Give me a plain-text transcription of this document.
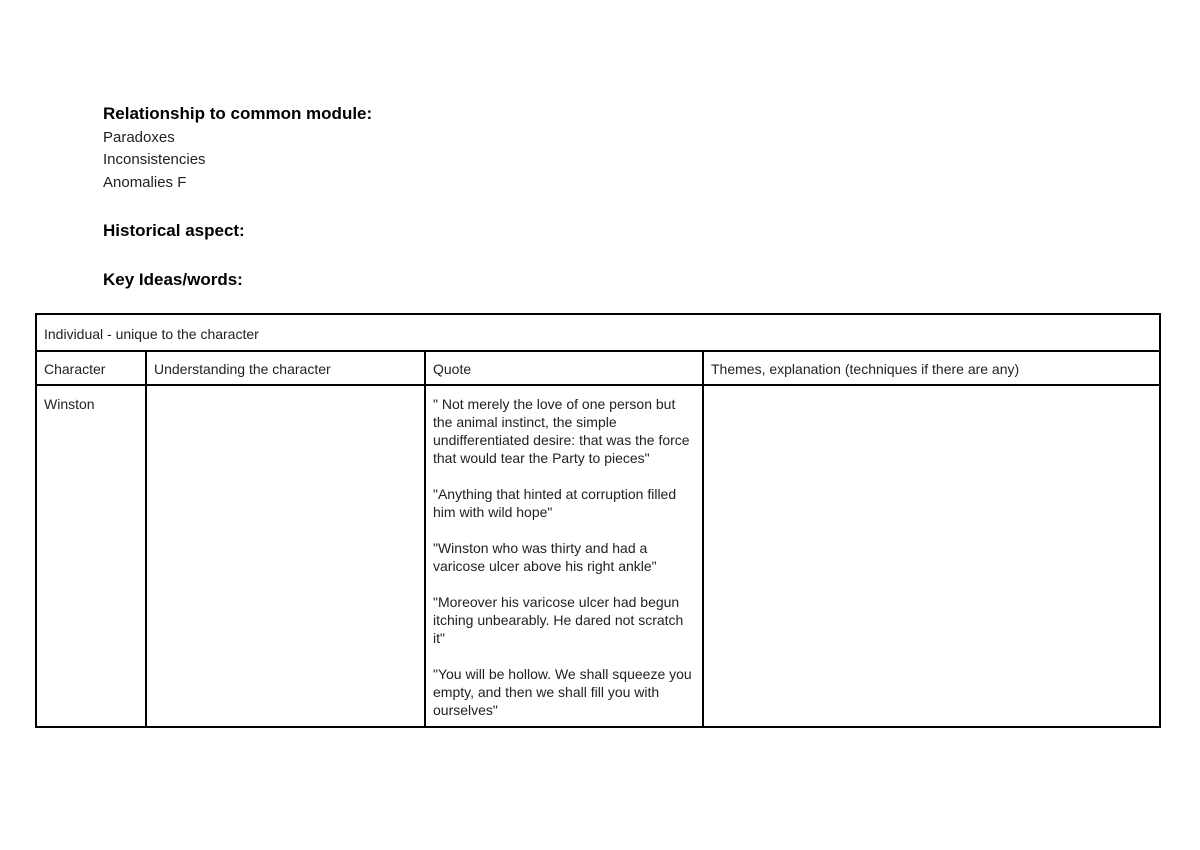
Relationship to common module:
Paradoxes
Inconsistencies
Anomalies F
Historical aspect:
Key Ideas/words:
Individual - unique to the character			

Character	Understanding the character	Quote	Themes, explanation (techniques if there are any)

Winston		" Not merely the love of one person but the animal instinct, the simple undifferentiated desire: that was the force that would tear the Party to pieces"
"Anything that hinted at corruption filled him with wild hope"
"Winston who was thirty and had a varicose ulcer above his right ankle"
"Moreover his varicose ulcer had begun itching unbearably. He dared not scratch it"
"You will be hollow. We shall squeeze you empty, and then we shall fill you with ourselves"	
